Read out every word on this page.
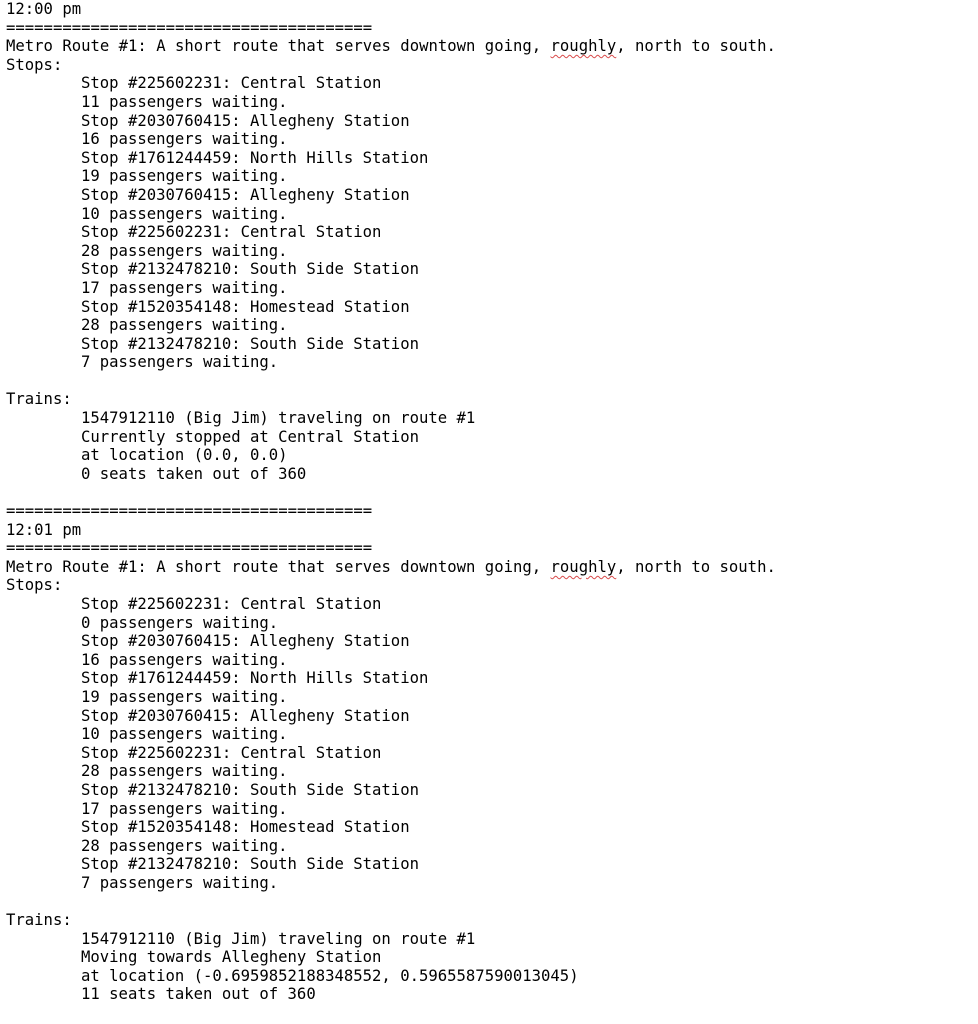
12:00 pm
=======================================
Metro Route #1: A short route that serves downtown going, roughly, north to south.
Stops:
Stop #225602231: Central Station
11 passengers waiting.
Stop #2030760415: Allegheny Station
16 passengers waiting.
Stop #1761244459: North Hills Station
19 passengers waiting.
Stop #2030760415: Allegheny Station
10 passengers waiting.
Stop #225602231: Central Station
28 passengers waiting.
Stop #2132478210: South Side Station
17 passengers waiting.
Stop #1520354148: Homestead Station
28 passengers waiting.
Stop #2132478210: South Side Station
7 passengers waiting.
Trains:
1547912110 (Big Jim) traveling on route #1
Currently stopped at Central Station
at location (0.0, 0.0)
0 seats taken out of 360
=======================================
12:01 pm
=======================================
Metro Route #1: A short route that serves downtown going, roughly, north to south.
Stops:
Stop #225602231: Central Station
0 passengers waiting.
Stop #2030760415: Allegheny Station
16 passengers waiting.
Stop #1761244459: North Hills Station
19 passengers waiting.
Stop #2030760415: Allegheny Station
10 passengers waiting.
Stop #225602231: Central Station
28 passengers waiting.
Stop #2132478210: South Side Station
17 passengers waiting.
Stop #1520354148: Homestead Station
28 passengers waiting.
Stop #2132478210: South Side Station
7 passengers waiting.
Trains:
1547912110 (Big Jim) traveling on route #1
Moving towards Allegheny Station
at location (-0.6959852188348552, 0.5965587590013045)
11 seats taken out of 360
